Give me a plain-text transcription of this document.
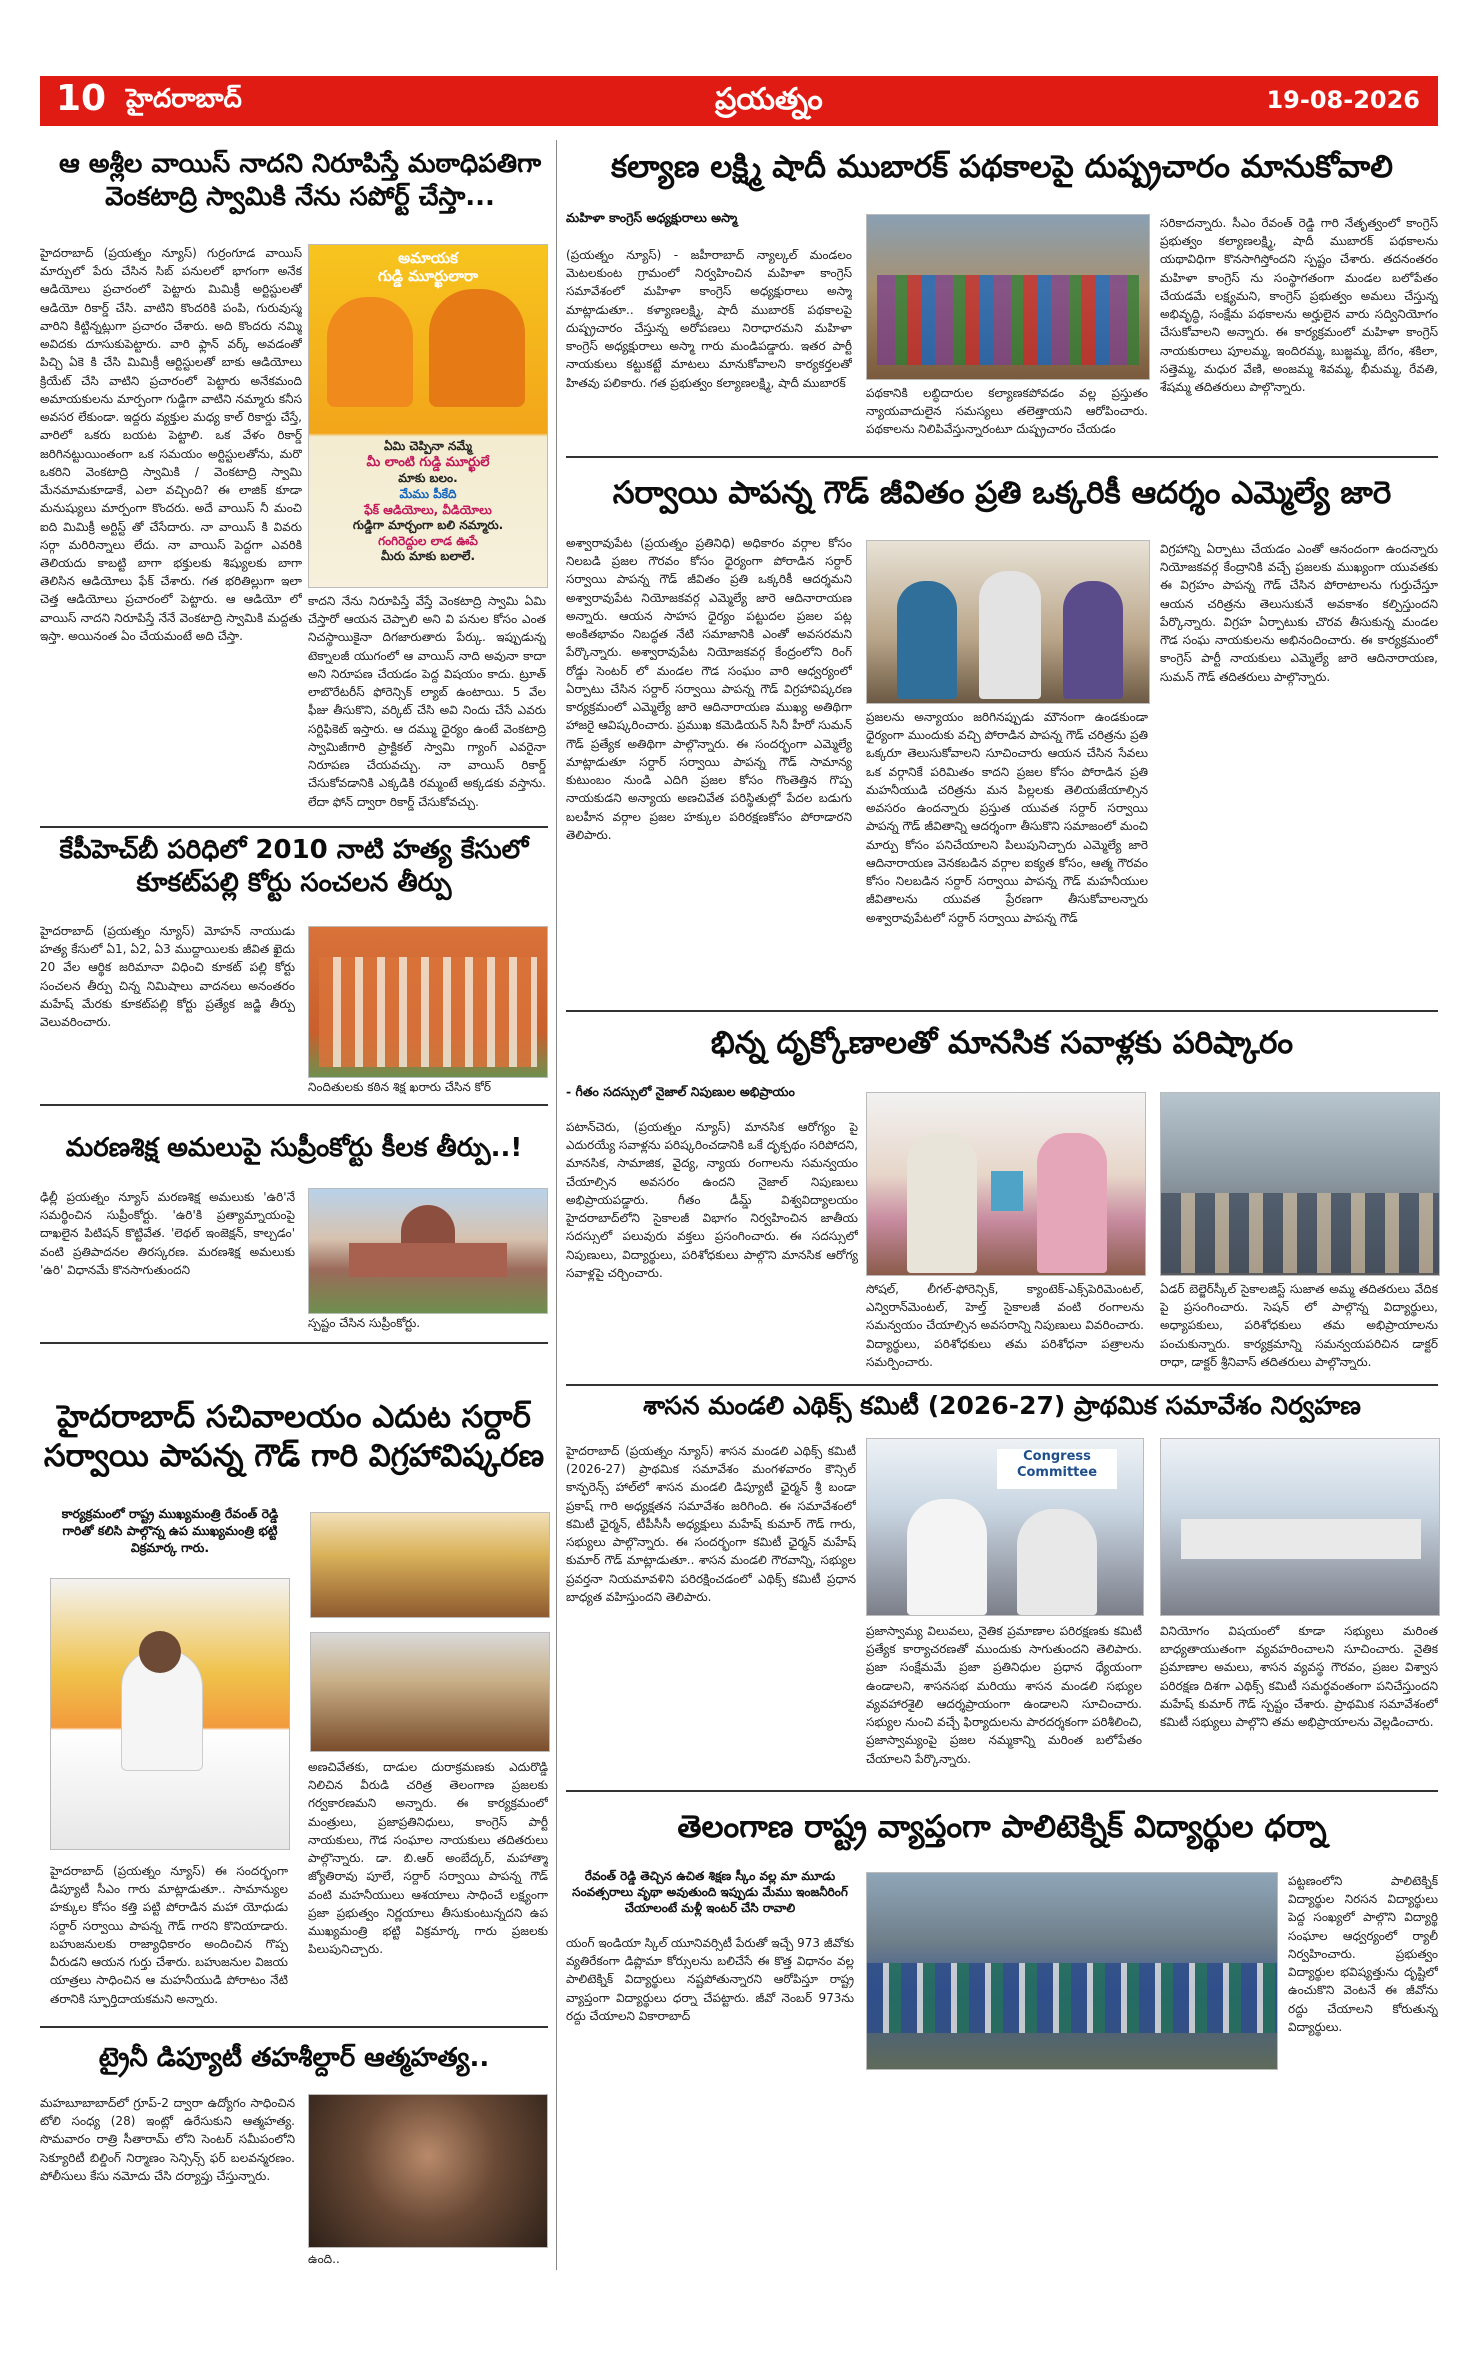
10 హైదరాబాద్	ప్రయత్నం	19-08-2026
ఆ అశ్లీల వాయిస్ నాదని నిరూపిస్తే మఠాధిపతిగా వెంకటాద్రి స్వామికి నేను సపోర్ట్ చేస్తా...
హైదరాబాద్ (ప్రయత్నం న్యూస్) గుర్రంగూడ వాయిస్ మార్పులో పేరు చేసిన సిబ్ పనులలో భాగంగా అనేక ఆడియోలు ప్రచారంలో పెట్టారు మిమిక్రీ అర్టిస్టులతో ఆడియో రికార్డ్ చేసి. వాటిని కొందరికి పంపి, గురువుస్మ వారిని కిట్టిన్నట్లుగా ప్రచారం చేశారు. అది కొందరు నమ్మి అవిదకు దూసుకుపెట్టారు. వారి ఫ్లాన్ వర్క్ అవడంతో పిచ్చి ఏకె కి చేసి మిమిక్రీ ఆర్టిస్టులతో బాకు ఆడియోలు క్రియేట్ చేసి వాటిని ప్రచారంలో పెట్టారు అనేకమంది అమాయకులను మార్పంగా గుడ్డిగా వాటిని నమ్మారు కనీస అవసర లేకుండా. ఇద్దరు వ్యక్తుల మధ్య కాల్ రికార్డు చేస్తే, వారిలో ఒకరు బయట పెట్టాలి. ఒక వేళం రికార్డ్ జరిగినట్టుయింతంగా ఒక సమయం అర్టిస్టులతోను, మరొ ఒకరిని వెంకటాద్రి స్వామికి / వెంకటాద్రి స్వామి మేనమామకూడాకే, ఎలా వచ్చింది? ఈ లాజిక్ కూడా మనుష్యులు మార్పంగా కొందరు. అదే వాయిస్ నీ మంచి ఐది మిమిక్రీ అర్టిస్ట్ తో చేసేదారు. నా వాయిస్ కి వివరు సర్గా మరిరిన్నాలు లేదు. నా వాయిస్ పెద్దగా ఎవరికి తెలియదు కాబట్టి బాగా భక్తులకు శిష్యులకు బాగా తెలిసిన ఆడియోలు ఫేక్ చేశారు. గత భరితిల్లుగా ఇలా చెత్త ఆడియోలు ప్రచారంలో పెట్టారు. ఆ ఆడియో లో వాయిస్ నాదని నిరూపిస్తే నేనే వెంకటాద్రి స్వామికి మద్దతు ఇస్తా. అయినంత ఏం చేయమంటే అది చేస్తా.
అమాయక
గుడ్డి మూర్ఖులారా
ఏమి చెప్పినా నమ్మే
మీ లాంటి గుడ్డి మూర్ఖులే
మాకు బలం.
మేము పీకేది
ఫేక్ ఆడియోలు, వీడియోలు
గుడ్డిగా మార్చంగా బలి నమ్మారు.
గంగిరెద్దుల లాడ ఊపే
మీరు మాకు బలాలే.
కాదని నేను నిరూపిస్తే వేస్తే వెంకటాద్రి స్వామి ఏమి చేస్తారో ఆయన చెప్పాలి అని వి పనుల కోసం ఎంత నిచస్థాయికైనా దిగజారుతారు పేర్కు. ఇప్పుడున్న టెక్నాలజీ యుగంలో ఆ వాయిస్ నాది అవునా కాదా అని నిరూపణ చేయడం పెద్ద విషయం కాదు. ట్రూత్ లాబొరేటరీస్ ఫోరెన్సిక్ ల్యాబ్ ఉంటాయి. 5 వేల ఫీజు తీసుకొని, వర్కిట్ చేసి అవి నిందు చేసే ఎవరు సర్టిఫికెట్ ఇస్తారు. ఆ దమ్ము ధైర్యం ఉంటే వెంకటాద్రి స్వామిజీగారి ప్రాక్టికల్ స్వామి గ్యాంగ్ ఎవరైనా నిరూపణ చేయవచ్చు. నా వాయిస్ రికార్డ్ చేసుకోవడానికి ఎక్కడికి రమ్మంటే అక్కడకు వస్తాను. లేదా ఫోన్ ద్వారా రికార్డ్ చేసుకోవచ్చు.
కేపీహెచ్‌బీ పరిధిలో 2010 నాటి హత్య కేసులో కూకట్‌పల్లి కోర్టు సంచలన తీర్పు
హైదరాబాద్ (ప్రయత్నం న్యూస్) మోహన్ నాయుడు హత్య కేసులో ఏ1, ఏ2, ఏ3 ముద్దాయిలకు జీవిత ఖైదు 20 వేల ఆర్థిక జరిమానా విధించి కూకట్ పల్లి కోర్టు సంచలన తీర్పు చిన్న నిమిషాలు వాదనలు అనంతరం మహేష్ మేరకు కూకట్‌పల్లి కోర్టు ప్రత్యేక జడ్జి తీర్పు వెలువరించారు.
నిందితులకు కఠిన శిక్ష ఖరారు చేసిన కోర్
మరణశిక్ష అమలుపై సుప్రీంకోర్టు కీలక తీర్పు..!
ఢిల్లీ ప్రయత్నం న్యూస్ మరణశిక్ష అమలుకు 'ఉరి'నే సమర్థించిన సుప్రీంకోర్టు. 'ఉరి'కి ప్రత్యామ్నాయంపై దాఖలైన పిటిషన్ కొట్టివేత. 'లెథల్ ఇంజెక్షన్, కాల్చడం' వంటి ప్రతిపాదనల తిరస్కరణ. మరణశిక్ష అమలుకు 'ఉరి' విధానమే కొనసాగుతుందని
స్పష్టం చేసిన సుప్రీంకోర్టు.
హైదరాబాద్ సచివాలయం ఎదుట సర్దార్ సర్వాయి పాపన్న గౌడ్ గారి విగ్రహావిష్కరణ
కార్యక్రమంలో రాష్ట్ర ముఖ్యమంత్రి రేవంత్ రెడ్డి గారితో కలిసి పాల్గొన్న ఉప ముఖ్యమంత్రి భట్టి విక్రమార్క గారు.
హైదరాబాద్ (ప్రయత్నం న్యూస్) ఈ సందర్భంగా డిప్యూటీ సీఎం గారు మాట్లాడుతూ.. సామాన్యుల హక్కుల కోసం కత్తి పట్టి పోరాడిన మహా యోధుడు సర్దార్ సర్వాయి పాపన్న గౌడ్ గారని కొనియాడారు. బహుజనులకు రాజ్యాధికారం అందించిన గొప్ప వీరుడని ఆయన గుర్తు చేశారు. బహుజనుల విజయ యాత్రలు సాధించిన ఆ మహనీయుడి పోరాటం నేటి తరానికి స్ఫూర్తిదాయకమని అన్నారు.
అణచివేతకు, దాడుల దురాక్రమణకు ఎదురొడ్డి నిలిచిన వీరుడి చరిత్ర తెలంగాణ ప్రజలకు గర్వకారణమని అన్నారు. ఈ కార్యక్రమంలో మంత్రులు, ప్రజాప్రతినిధులు, కాంగ్రెస్ పార్టీ నాయకులు, గౌడ సంఘాల నాయకులు తదితరులు పాల్గొన్నారు. డా. బి.ఆర్ అంబేద్కర్, మహాత్మా జ్యోతిరావు పూలే, సర్దార్ సర్వాయి పాపన్న గౌడ్ వంటి మహనీయులు ఆశయాలు సాధించే లక్ష్యంగా ప్రజా ప్రభుత్వం నిర్ణయాలు తీసుకుంటున్నదని ఉప ముఖ్యమంత్రి భట్టి విక్రమార్క గారు ప్రజలకు పిలుపునిచ్చారు.
ట్రైనీ డిప్యూటీ తహశీల్దార్ ఆత్మహత్య..
మహబూబాబాద్‌లో గ్రూప్-2 ద్వారా ఉద్యోగం సాధించిన టోలి సంధ్య (28) ఇంట్లో ఉరేసుకుని ఆత్మహత్య. సొమవారం రాత్రి సీతారామ్ లోని సెంటర్ సమీపంలోని సెక్యూరిటీ బిల్డింగ్ నిర్మాణం సెన్సిన్స్ ఫర్ బలవన్మరణం. పోలీసులు కేసు నమోదు చేసి దర్యాప్తు చేస్తున్నారు.
ఉంది..
కల్యాణ లక్ష్మి షాదీ ముబారక్ పథకాలపై దుష్ప్రచారం మానుకోవాలి
మహిళా కాంగ్రెస్ అధ్యక్షురాలు అస్మా
(ప్రయత్నం న్యూస్) - జహీరాబాద్ న్యాల్కల్ మండలం మెటలకుంట గ్రామంలో నిర్వహించిన మహిళా కాంగ్రెస్ సమావేశంలో మహిళా కాంగ్రెస్ అధ్యక్షురాలు అస్మా మాట్లాడుతూ.. కళ్యాణలక్ష్మి, షాదీ ముబారక్ పథకాలపై దుష్ప్రచారం చేస్తున్న అరోపణలు నిరాధారమని మహిళా కాంగ్రెస్ అధ్యక్షురాలు అస్మా గారు మండిపడ్డారు. ఇతర పార్టీ నాయకులు కట్టుకట్టే మాటలు మానుకోవాలని కార్యకర్తలతో హితవు పలికారు. గత ప్రభుత్వం కల్యాణలక్ష్మి, షాదీ ముబారక్
పథకానికి లబ్ధిదారుల కల్యాణకపోవడం వల్ల ప్రస్తుతం న్యాయవాదులైన సమస్యలు తలెత్తాయని ఆరోపించారు. పథకాలను నిలిపివేస్తున్నారంటూ దుష్ప్రచారం చేయడం
సరికాదన్నారు. సీఎం రేవంత్ రెడ్డి గారి నేతృత్వంలో కాంగ్రెస్ ప్రభుత్వం కల్యాణలక్ష్మి, షాదీ ముబారక్ పథకాలను యథావిధిగా కొనసాగిస్తోందని స్పష్టం చేశారు. తదనంతరం మహిళా కాంగ్రెస్ ను సంస్థాగతంగా మండల బలోపేతం చేయడమే లక్ష్యమని, కాంగ్రెస్ ప్రభుత్వం అమలు చేస్తున్న అభివృద్ధి, సంక్షేమ పథకాలను అర్హులైన వారు సద్వినియోగం చేసుకోవాలని అన్నారు. ఈ కార్యక్రమంలో మహిళా కాంగ్రెస్ నాయకురాలు పూలమ్మ, ఇందిరమ్మ, బుజ్జమ్మ, బేగం, శకిలా, సత్తెమ్మ, మధుర వేణి, అంజమ్మ శివమ్మ, భీమమ్మ, రేవతి, శేషమ్మ తదితరులు పాల్గొన్నారు.
సర్వాయి పాపన్న గౌడ్ జీవితం ప్రతి ఒక్కరికీ ఆదర్శం ఎమ్మెల్యే జారె
అశ్వారావుపేట (ప్రయత్నం ప్రతినిధి) అధికారం వర్గాల కోసం నిలబడి ప్రజల గౌరవం కోసం ధైర్యంగా పోరాడిన సర్దార్ సర్వాయి పాపన్న గౌడ్ జీవితం ప్రతి ఒక్కరికీ ఆదర్శమని అశ్వారావుపేట నియోజకవర్గ ఎమ్మెల్యే జారె ఆదినారాయణ అన్నారు. ఆయన సాహస ధైర్యం పట్టుదల ప్రజల పట్ల అంకితభావం నిబద్ధత నేటి సమాజానికి ఎంతో అవసరమని పేర్కొన్నారు. అశ్వారావుపేట నియోజకవర్గ కేంద్రంలోని రింగ్ రోడ్డు సెంటర్ లో మండల గౌడ సంఘం వారి ఆధ్వర్యంలో ఏర్పాటు చేసిన సర్దార్ సర్వాయి పాపన్న గౌడ్ విగ్రహావిష్కరణ కార్యక్రమంలో ఎమ్మెల్యే జారె ఆదినారాయణ ముఖ్య అతిథిగా హాజరై ఆవిష్కరించారు. ప్రముఖ కమెడియన్ సినీ హీరో సుమన్ గౌడ్ ప్రత్యేక అతిథిగా పాల్గొన్నారు. ఈ సందర్భంగా ఎమ్మెల్యే మాట్లాడుతూ సర్దార్ సర్వాయి పాపన్న గౌడ్ సామాన్య కుటుంబం నుండి ఎదిగి ప్రజల కోసం గొంతెత్తిన గొప్ప నాయకుడని అన్యాయ అణచివేత పరిస్థితుల్లో పేదల బడుగు బలహీన వర్గాల ప్రజల హక్కుల పరిరక్షణకోసం పోరాడారని తెలిపారు.
ప్రజలను అన్యాయం జరిగినప్పుడు మౌనంగా ఉండకుండా ధైర్యంగా ముందుకు వచ్చి పోరాడిన పాపన్న గౌడ్ చరిత్రను ప్రతి ఒక్కరూ తెలుసుకోవాలని సూచించారు ఆయన చేసిన సేవలు ఒక వర్గానికే పరిమితం కాదని ప్రజల కోసం పోరాడిన ప్రతి మహనీయుడి చరిత్రను మన పిల్లలకు తెలియజేయాల్సిన అవసరం ఉందన్నారు ప్రస్తుత యువత సర్దార్ సర్వాయి పాపన్న గౌడ్ జీవితాన్ని ఆదర్శంగా తీసుకొని సమాజంలో మంచి మార్పు కోసం పనిచేయాలని పిలుపునిచ్చారు ఎమ్మెల్యే జారె ఆదినారాయణ వెనకబడిన వర్గాల ఐక్యత కోసం, ఆత్మ గౌరవం కోసం నిలబడిన సర్దార్ సర్వాయి పాపన్న గౌడ్ మహనీయుల జీవితాలను యువత ప్రేరణగా తీసుకోవాలన్నారు అశ్వారావుపేటలో సర్దార్ సర్వాయి పాపన్న గౌడ్
విగ్రహాన్ని ఏర్పాటు చేయడం ఎంతో ఆనందంగా ఉందన్నారు నియోజకవర్గ కేంద్రానికి వచ్చే ప్రజలకు ముఖ్యంగా యువతకు ఈ విగ్రహం పాపన్న గౌడ్ చేసిన పోరాటాలను గుర్తుచేస్తూ ఆయన చరిత్రను తెలుసుకునే అవకాశం కల్పిస్తుందని పేర్కొన్నారు. విగ్రహ ఏర్పాటుకు చొరవ తీసుకున్న మండల గౌడ సంఘ నాయకులను అభినందించారు. ఈ కార్యక్రమంలో కాంగ్రెస్ పార్టీ నాయకులు ఎమ్మెల్యే జారె ఆదినారాయణ, సుమన్ గౌడ్ తదితరులు పాల్గొన్నారు.
భిన్న దృక్కోణాలతో మానసిక సవాళ్లకు పరిష్కారం
- గీతం సదస్సులో నైజాల్ నిపుణుల అభిప్రాయం
పటాన్‌చెరు, (ప్రయత్నం న్యూస్) మానసిక ఆరోగ్యం పై ఎదురయ్యే సవాళ్లను పరిష్కరించడానికి ఒకే దృక్పథం సరిపోదని, మానసిక, సామాజిక, వైద్య, న్యాయ రంగాలను సమన్వయం చేయాల్సిన అవసరం ఉందని నైజాల్ నిపుణులు అభిప్రాయపడ్డారు. గీతం డీమ్డ్ విశ్వవిద్యాలయం హైదరాబాద్‌లోని సైకాలజీ విభాగం నిర్వహించిన జాతీయ సదస్సులో పలువురు వక్తలు ప్రసంగించారు. ఈ సదస్సులో నిపుణులు, విద్యార్థులు, పరిశోధకులు పాల్గొని మానసిక ఆరోగ్య సవాళ్లపై చర్చించారు.
సోషల్, లీగల్-ఫోరెన్సిక్, క్యాంటెక్-ఎక్స్‌పెరిమెంటల్, ఎన్విరాన్‌మెంటల్, హెల్త్ సైకాలజీ వంటి రంగాలను సమన్వయం చేయాల్సిన అవసరాన్ని నిపుణులు వివరించారు. విద్యార్థులు, పరిశోధకులు తమ పరిశోధనా పత్రాలను సమర్పించారు.
ఏడర్ బెల్జెర్‌స్కీల్ సైకాలజిస్ట్ సుజాత అమ్మ తదితరులు వేదిక పై ప్రసంగించారు. సెషన్ లో పాల్గొన్న విద్యార్థులు, అధ్యాపకులు, పరిశోధకులు తమ అభిప్రాయాలను పంచుకున్నారు. కార్యక్రమాన్ని సమన్వయపరిచిన డాక్టర్ రాధా, డాక్టర్ శ్రీనివాస్ తదితరులు పాల్గొన్నారు.
శాసన మండలి ఎథిక్స్ కమిటీ (2026-27) ప్రాథమిక సమావేశం నిర్వహణ
హైదరాబాద్ (ప్రయత్నం న్యూస్) శాసన మండలి ఎథిక్స్ కమిటీ (2026-27) ప్రాథమిక సమావేశం మంగళవారం కౌన్సిల్ కాన్ఫరెన్స్ హాల్‌లో శాసన మండలి డిప్యూటీ ఛైర్మన్ శ్రీ బండా ప్రకాష్ గారి అధ్యక్షతన సమావేశం జరిగింది. ఈ సమావేశంలో కమిటీ ఛైర్మన్, టీపీసీసీ అధ్యక్షులు మహేష్ కుమార్ గౌడ్ గారు, సభ్యులు పాల్గొన్నారు. ఈ సందర్భంగా కమిటీ ఛైర్మన్ మహేష్ కుమార్ గౌడ్ మాట్లాడుతూ.. శాసన మండలి గౌరవాన్ని, సభ్యుల ప్రవర్తనా నియమావళిని పరిరక్షించడంలో ఎథిక్స్ కమిటీ ప్రధాన బాధ్యత వహిస్తుందని తెలిపారు.
Congress Committee
ప్రజాస్వామ్య విలువలు, నైతిక ప్రమాణాల పరిరక్షణకు కమిటీ ప్రత్యేక కార్యాచరణతో ముందుకు సాగుతుందని తెలిపారు. ప్రజా సంక్షేమమే ప్రజా ప్రతినిధుల ప్రధాన ధ్యేయంగా ఉండాలని, శాసనసభ మరియు శాసన మండలి సభ్యుల వ్యవహారశైలి ఆదర్శప్రాయంగా ఉండాలని సూచించారు. సభ్యుల నుంచి వచ్చే ఫిర్యాదులను పారదర్శకంగా పరిశీలించి, ప్రజాస్వామ్యంపై ప్రజల నమ్మకాన్ని మరింత బలోపేతం చేయాలని పేర్కొన్నారు.
వినియోగం విషయంలో కూడా సభ్యులు మరింత బాధ్యతాయుతంగా వ్యవహరించాలని సూచించారు. నైతిక ప్రమాణాల అమలు, శాసన వ్యవస్థ గౌరవం, ప్రజల విశ్వాస పరిరక్షణ దిశగా ఎథిక్స్ కమిటీ సమర్థవంతంగా పనిచేస్తుందని మహేష్ కుమార్ గౌడ్ స్పష్టం చేశారు. ప్రాథమిక సమావేశంలో కమిటీ సభ్యులు పాల్గొని తమ అభిప్రాయాలను వెల్లడించారు.
తెలంగాణ రాష్ట్ర వ్యాప్తంగా పాలిటెక్నిక్ విద్యార్థుల ధర్నా
రేవంత్ రెడ్డి తెచ్చిన ఉచిత శిక్షణ స్కీం వల్ల మా మూడు సంవత్సరాలు వృథా అవుతుంది ఇప్పుడు మేము ఇంజనీరింగ్ చేయాలంటే మళ్లీ ఇంటర్ చేసి రావాలి
యంగ్ ఇండియా స్కిల్ యూనివర్సిటీ పేరుతో ఇచ్చే 973 జీవోకు వ్యతిరేకంగా డిప్లొమా కోర్సులను బలిచేసే ఈ కొత్త విధానం వల్ల పాలిటెక్నిక్ విద్యార్థులు నష్టపోతున్నారని ఆరోపిస్తూ రాష్ట్ర వ్యాప్తంగా విద్యార్థులు ధర్నా చేపట్టారు. జీవో నెంబర్ 973ను రద్దు చేయాలని వికారాబాద్
పట్టణంలోని పాలిటెక్నిక్ విద్యార్థుల నిరసన విద్యార్థులు పెద్ద సంఖ్యలో పాల్గొని విద్యార్థి సంఘాల ఆధ్వర్యంలో ర్యాలీ నిర్వహించారు. ప్రభుత్వం విద్యార్థుల భవిష్యత్తును దృష్టిలో ఉంచుకొని వెంటనే ఈ జీవోను రద్దు చేయాలని కోరుతున్న విద్యార్థులు.
